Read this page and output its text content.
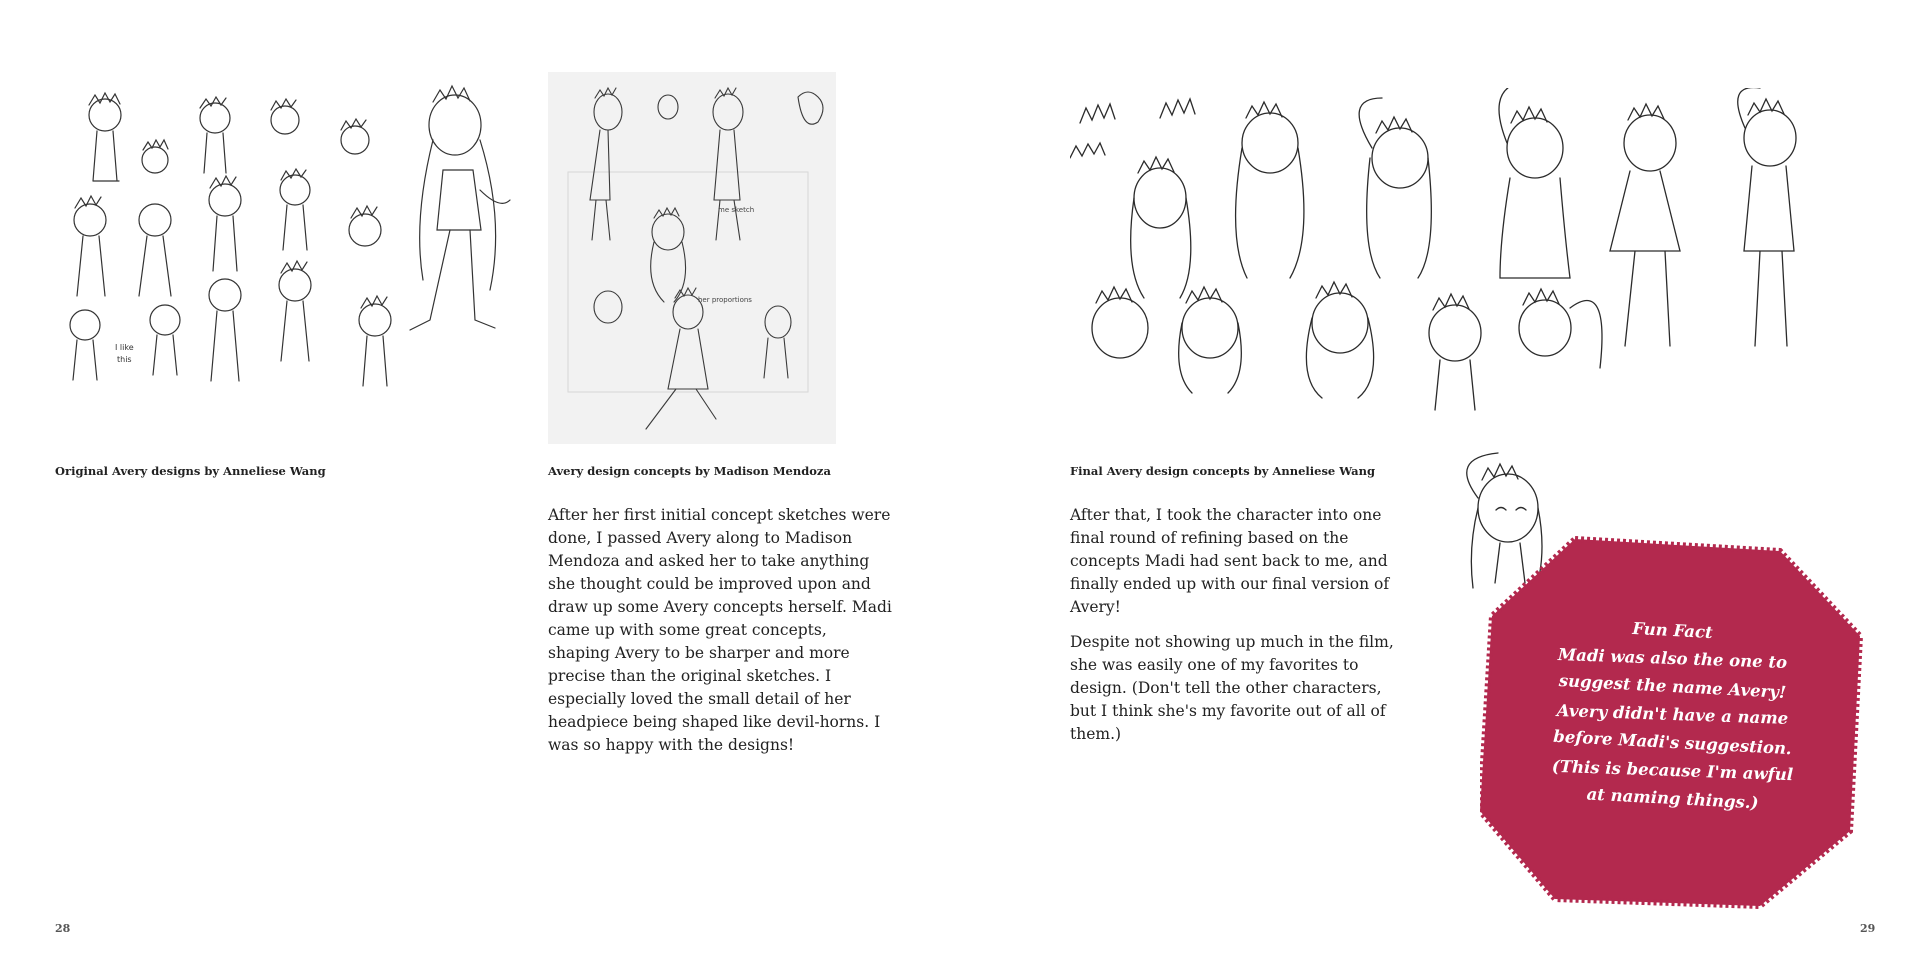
I like
this
me sketch
her proportions
Original Avery designs by Anneliese Wang	Avery design concepts by Madison Mendoza

After her first initial concept sketches were done, I passed Avery along to Madison Mendoza and asked her to take anything she thought could be improved upon and draw up some Avery concepts herself. Madi came up with some great concepts, shaping Avery to be sharper and more precise than the original sketches. I especially loved the small detail of her headpiece being shaped like devil-horns. I was so happy with the designs!

28
Final Avery design concepts by Anneliese Wang

After that, I took the character into one final round of refining based on the concepts Madi had sent back to me, and finally ended up with our final version of Avery!

Despite not showing up much in the film, she was easily one of my favorites to design. (Don't tell the other characters, but I think she's my favorite out of all of them.)

29
Fun Fact
Madi was also the one to
suggest the name Avery!
Avery didn't have a name
before Madi's suggestion.
(This is because I'm awful
at naming things.)
